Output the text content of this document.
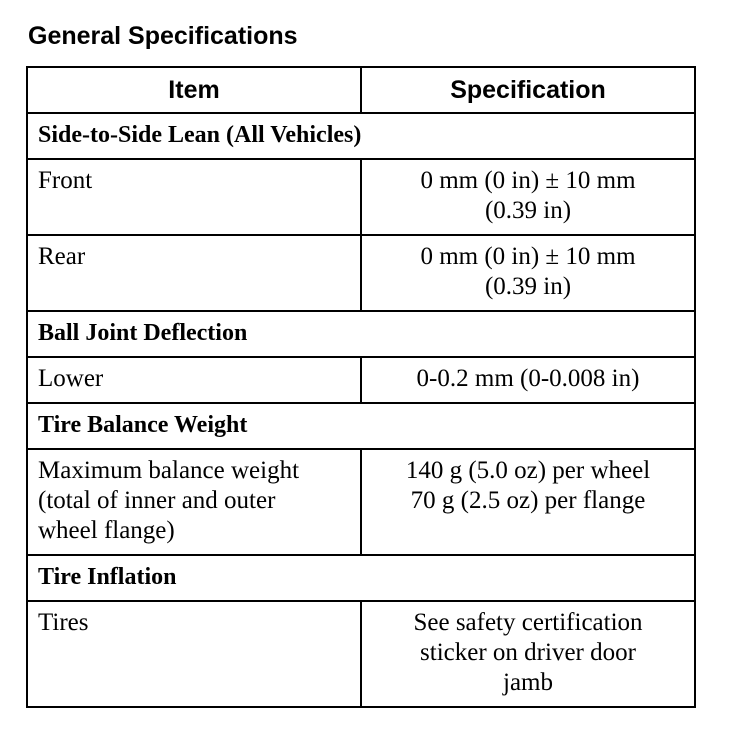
General Specifications
Item	Specification
Side-to-Side Lean (All Vehicles)	

Front	0 mm (0 in) ± 10 mm
(0.39 in)

Rear	0 mm (0 in) ± 10 mm
(0.39 in)

Ball Joint Deflection	

Lower	0-0.2 mm (0-0.008 in)

Tire Balance Weight	

Maximum balance weight
(total of inner and outer
wheel flange)	140 g (5.0 oz) per wheel
70 g (2.5 oz) per flange

Tire Inflation	

Tires	See safety certification
sticker on driver door
jamb
